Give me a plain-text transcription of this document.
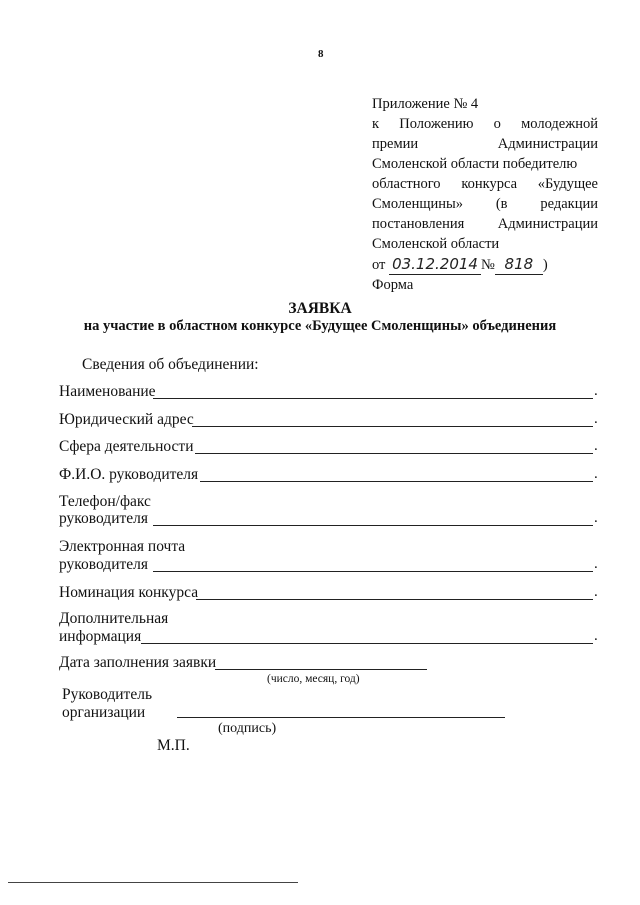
8
Приложение № 4
к Положению о молодежной
премии	Администрации
Смоленской области победителю
областного конкурса «Будущее
Смоленщины» (в редакции
постановления Администрации
Смоленской области
от 03.12.2014 № 818 )
Форма
ЗАЯВКА
на участие в областном конкурсе «Будущее Смоленщины» объединения
Сведения об объединении:
Наименование	.
Юридический адрес	.
Сфера деятельности	.
Ф.И.О. руководителя	.
Телефон/факс
руководителя	.
Электронная почта
руководителя	.
Номинация конкурса	.
Дополнительная
информация	.
Дата заполнения заявки
(число, месяц, год)
Руководитель
организации
(подпись)
М.П.
